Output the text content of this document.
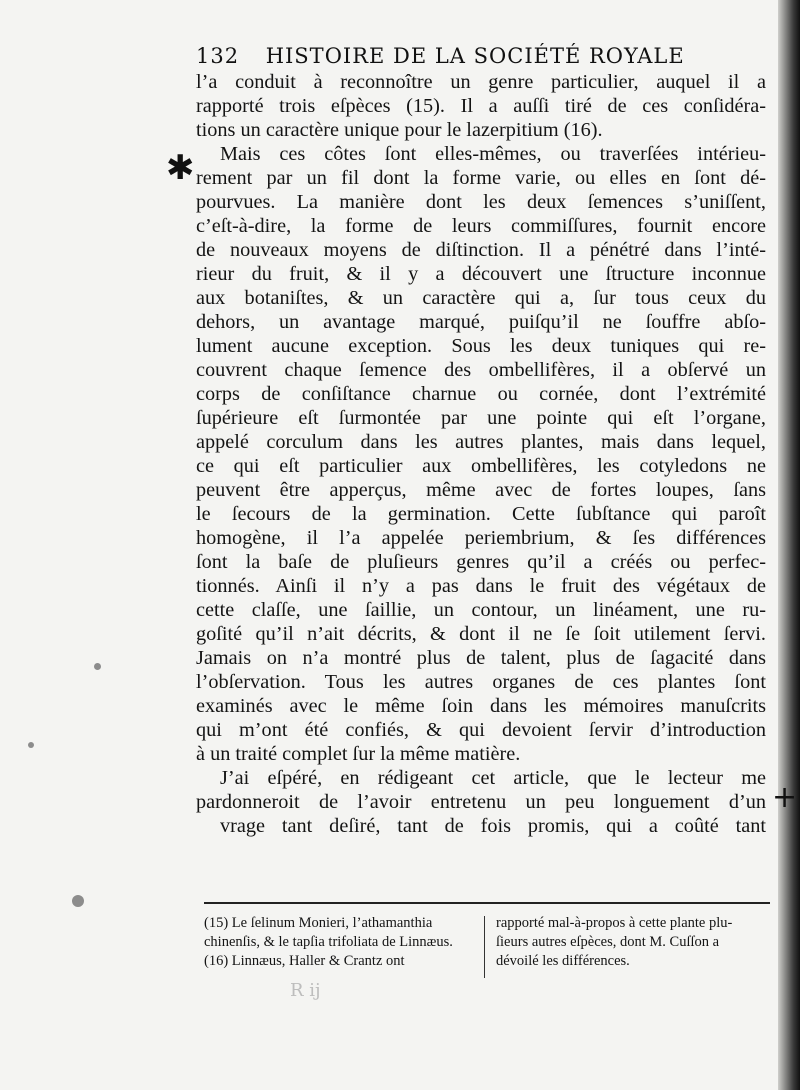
132 HISTOIRE DE LA SOCIÉTÉ ROYALE
✱
+
l’a conduit à reconnoître un genre particulier, auquel il a
rapporté trois eſpèces (15). Il a auſſi tiré de ces conſidéra-
tions un caractère unique pour le lazerpitium (16).
Mais ces côtes ſont elles-mêmes, ou traverſées intérieu-
rement par un fil dont la forme varie, ou elles en ſont dé-
pourvues. La manière dont les deux ſemences s’uniſſent,
c’eſt-à-dire, la forme de leurs commiſſures, fournit encore
de nouveaux moyens de diſtinction. Il a pénétré dans l’inté-
rieur du fruit, & il y a découvert une ſtructure inconnue
aux botaniſtes, & un caractère qui a, ſur tous ceux du
dehors, un avantage marqué, puiſqu’il ne ſouffre abſo-
lument aucune exception. Sous les deux tuniques qui re-
couvrent chaque ſemence des ombellifères, il a obſervé un
corps de conſiſtance charnue ou cornée, dont l’extrémité
ſupérieure eſt ſurmontée par une pointe qui eſt l’organe,
appelé corculum dans les autres plantes, mais dans lequel,
ce qui eſt particulier aux ombellifères, les cotyledons ne
peuvent être apperçus, même avec de fortes loupes, ſans
le ſecours de la germination. Cette ſubſtance qui paroît
homogène, il l’a appelée periembrium, & ſes différences
ſont la baſe de pluſieurs genres qu’il a créés ou perfec-
tionnés. Ainſi il n’y a pas dans le fruit des végétaux de
cette claſſe, une ſaillie, un contour, un linéament, une ru-
goſité qu’il n’ait décrits, & dont il ne ſe ſoit utilement ſervi.
Jamais on n’a montré plus de talent, plus de ſagacité dans
l’obſervation. Tous les autres organes de ces plantes ſont
examinés avec le même ſoin dans les mémoires manuſcrits
qui m’ont été confiés, & qui devoient ſervir d’introduction
à un traité complet ſur la même matière.
J’ai eſpéré, en rédigeant cet article, que le lecteur me
pardonneroit de l’avoir entretenu un peu longuement d’un
vrage tant deſiré, tant de fois promis, qui a coûté tant
(15) Le ſelinum Monieri, l’athamanthia
chinenſis, & le tapſia trifoliata de Linnæus.
(16) Linnæus, Haller & Crantz ont
rapporté mal-à-propos à cette plante plu-
ſieurs autres eſpèces, dont M. Cuſſon a
dévoilé les différences.
R ij
